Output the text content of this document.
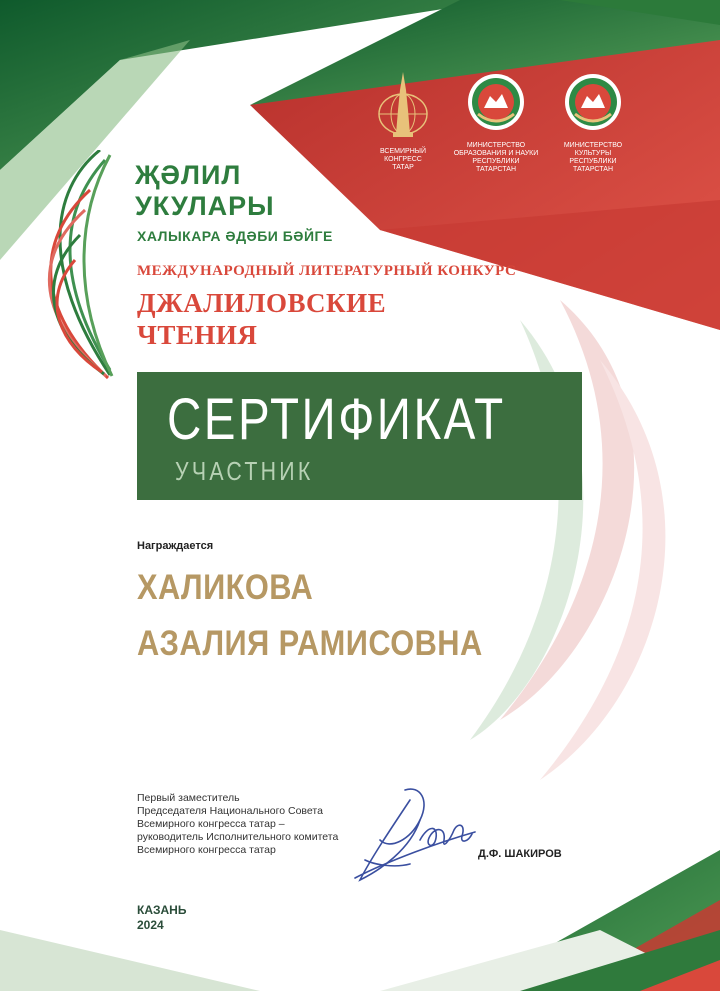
ВСЕМИРНЫЙ
КОНГРЕСС
ТАТАР
МИНИСТЕРСТВО
ОБРАЗОВАНИЯ И НАУКИ
РЕСПУБЛИКИ
ТАТАРСТАН
МИНИСТЕРСТВО
КУЛЬТУРЫ
РЕСПУБЛИКИ
ТАТАРСТАН
ҖӘЛИЛ
УКУЛАРЫ
ХАЛЫКАРА ӘДӘБИ БӘЙГЕ
МЕЖДУНАРОДНЫЙ ЛИТЕРАТУРНЫЙ КОНКУРС
ДЖАЛИЛОВСКИЕ
ЧТЕНИЯ
СЕРТИФИКАТ
УЧАСТНИК
Награждается
ХАЛИКОВА
АЗАЛИЯ РАМИСОВНА
Первый заместитель
Председателя Национального Совета
Всемирного конгресса татар –
руководитель Исполнительного комитета
Всемирного конгресса татар	Д.Ф. ШАКИРОВ
КАЗАНЬ
2024
